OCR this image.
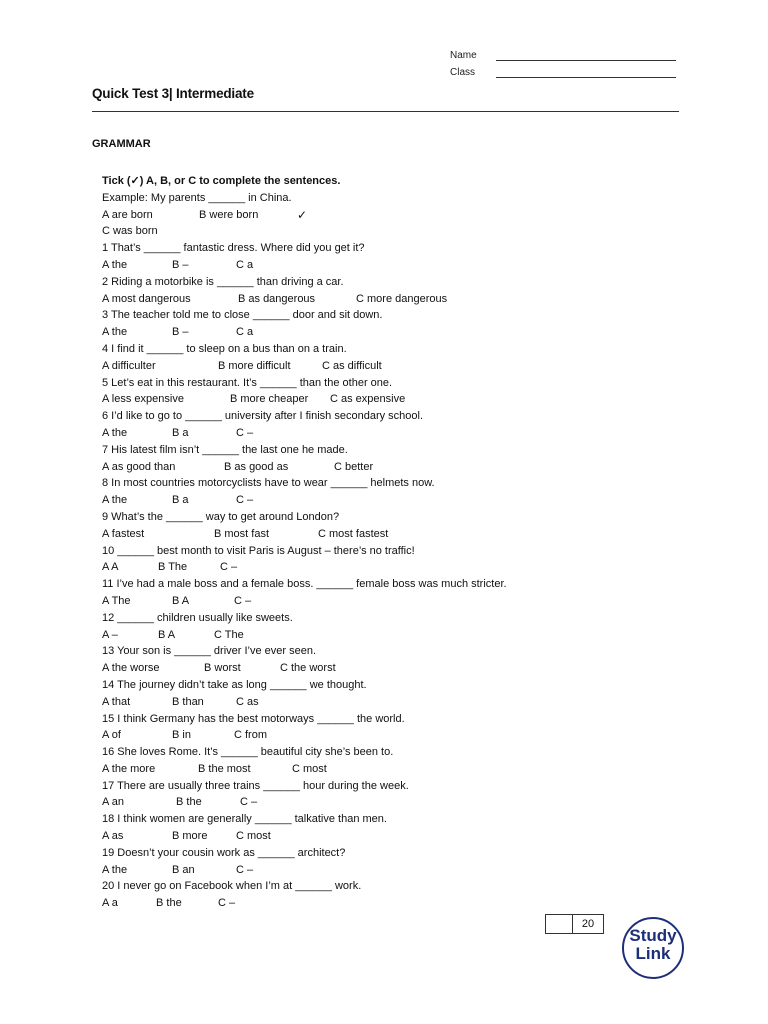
Name
Class
Quick Test 3| Intermediate
GRAMMAR
Tick (✓) A, B, or C to complete the sentences.
Example: My parents ______ in China.
A are born	B were born	✓
C was born
1 That’s ______ fantastic dress. Where did you get it?
A the	B –	C a
2 Riding a motorbike is ______ than driving a car.
A most dangerous	B as dangerous	C more dangerous
3 The teacher told me to close ______ door and sit down.
A the	B –	C a
4 I find it ______ to sleep on a bus than on a train.
A difficulter	B more difficult	C as difficult
5 Let’s eat in this restaurant. It’s ______ than the other one.
A less expensive	B more cheaper	C as expensive
6 I’d like to go to ______ university after I finish secondary school.
A the	B a	C –
7 His latest film isn’t ______ the last one he made.
A as good than	B as good as	C better
8 In most countries motorcyclists have to wear ______ helmets now.
A the	B a	C –
9 What’s the ______ way to get around London?
A fastest	B most fast	C most fastest
10 ______ best month to visit Paris is August – there’s no traffic!
A A	B The	C –
11 I’ve had a male boss and a female boss. ______ female boss was much stricter.
A The	B A	C –
12 ______ children usually like sweets.
A –	B A	C The
13 Your son is ______ driver I’ve ever seen.
A the worse	B worst	C the worst
14 The journey didn’t take as long ______ we thought.
A that	B than	C as
15 I think Germany has the best motorways ______ the world.
A of	B in	C from
16 She loves Rome. It’s ______ beautiful city she’s been to.
A the more	B the most	C most
17 There are usually three trains ______ hour during the week.
A an	B the	C –
18 I think women are generally ______ talkative than men.
A as	B more	C most
19 Doesn’t your cousin work as ______ architect?
A the	B an	C –
20 I never go on Facebook when I’m at ______ work.
A a	B the	C –
20
Study
Link
